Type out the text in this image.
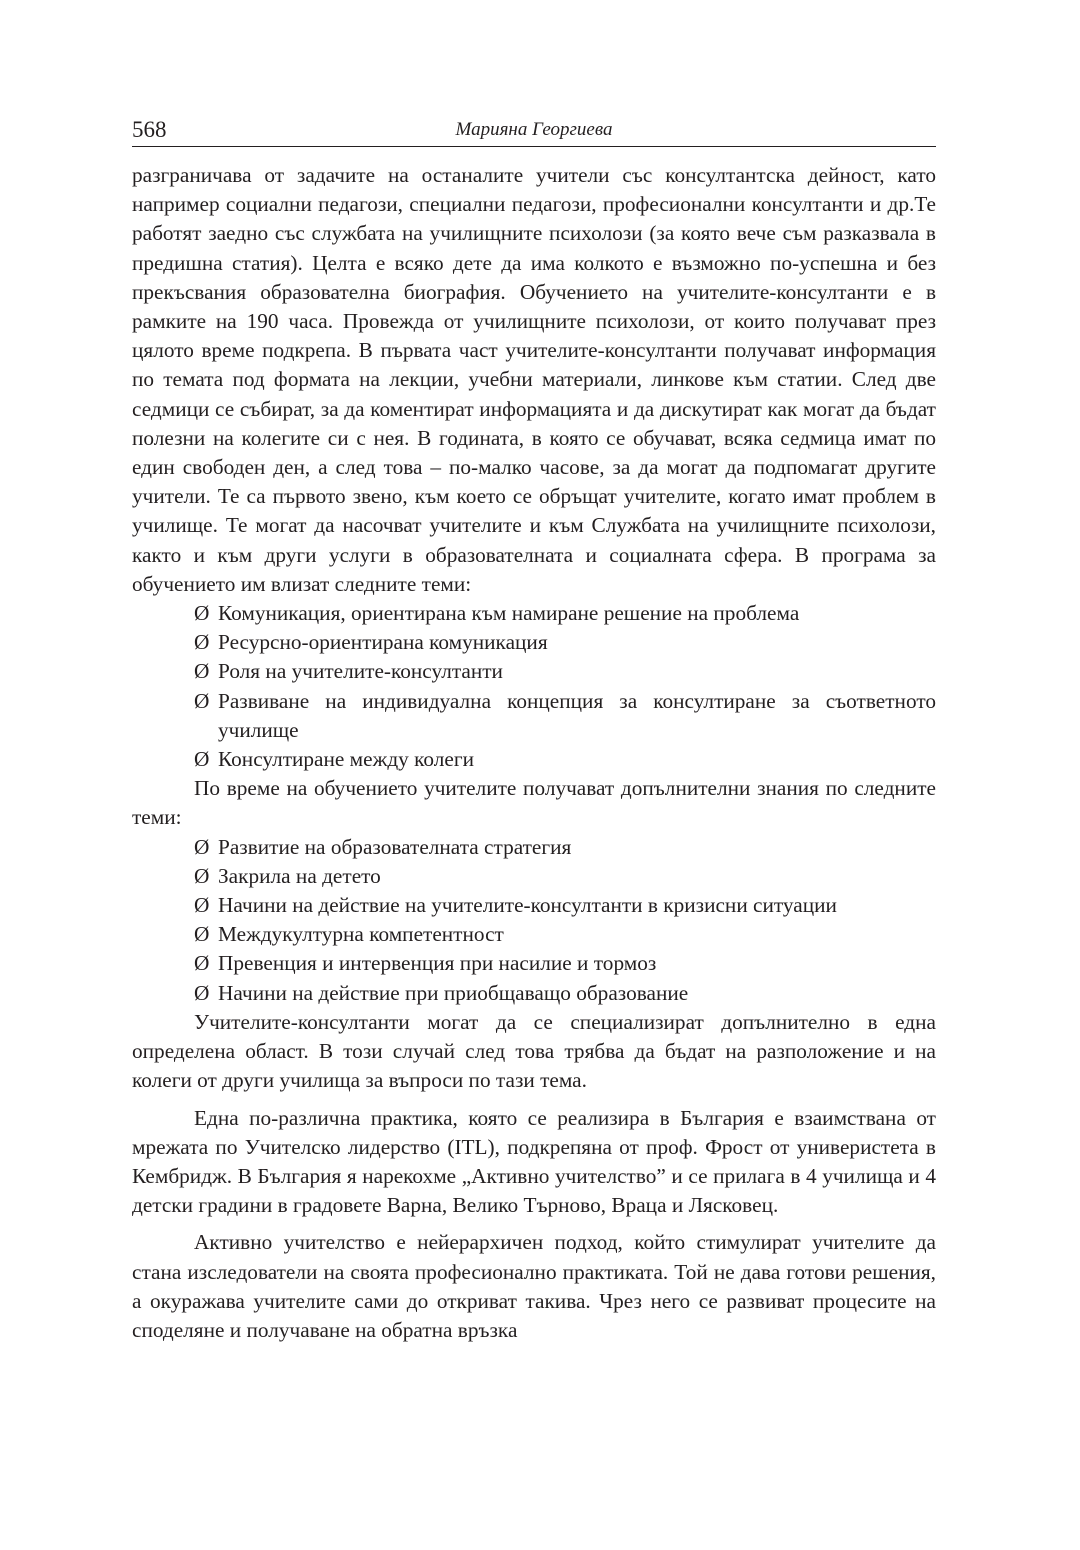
568	Марияна Георгиева

разграничава от задачите на останалите учители със консултантска дейност, като например социални педагози, специални педагози, професионални консултанти и др.Те работят заедно със службата на училищните психолози (за която вече съм разказвала в предишна статия). Целта е всяко дете да има колкото е възможно по-успешна и без прекъсвания образователна биография. Обучението на учителите-консултанти е в рамките на 190 часа. Провежда от училищните психолози, от които получават през цялото време подкрепа. В първата част учителите-консултанти получават информация по темата под формата на лекции, учебни материали, линкове към статии. След две седмици се събират, за да коментират информацията и да дискутират как могат да бъдат полезни на колегите си с нея. В годината, в която се обучават, всяка седмица имат по един свободен ден, а след това – по-малко часове, за да могат да подпомагат другите учители. Те са първото звено, към което се обръщат учителите, когато имат проблем в училище. Те могат да насочват учителите и към Службата на училищните психолози, както и към други услуги в образователната и социалната сфера. В програма за обучението им влизат следните теми:

Ø Комуникация, ориентирана към намиране решение на проблема
Ø Ресурсно-ориентирана комуникация
Ø Роля на учителите-консултанти
Ø Развиване на индивидуална концепция за консултиране за съответното училище
Ø Консултиране между колеги

По време на обучението учителите получават допълнителни знания по следните теми:

Ø Развитие на образователната стратегия
Ø Закрила на детето
Ø Начини на действие на учителите-консултанти в кризисни ситуации
Ø Междукултурна компетентност
Ø Превенция и интервенция при насилие и тормоз
Ø Начини на действие при приобщаващо образование

Учителите-консултанти могат да се специализират допълнително в една определена област. В този случай след това трябва да бъдат на разположение и на колеги от други училища за въпроси по тази тема.

Една по-различна практика, която се реализира в България е взаимствана от мрежата по Учителско лидерство (ITL), подкрепяна от проф. Фрост от универистета в Кембридж. В България я нарекохме „Активно учителство” и се прилага в 4 училища и 4 детски градини в градовете Варна, Велико Търново, Враца и Лясковец.

Активно учителство е нейерархичен подход, който стимулират учителите да станa изследователи на своята професионално практиката. Той не дава готови решения, а окуражава учителите сами до откриват такива. Чрез него се развиват процесите на споделяне и получаване на обратна връзка
